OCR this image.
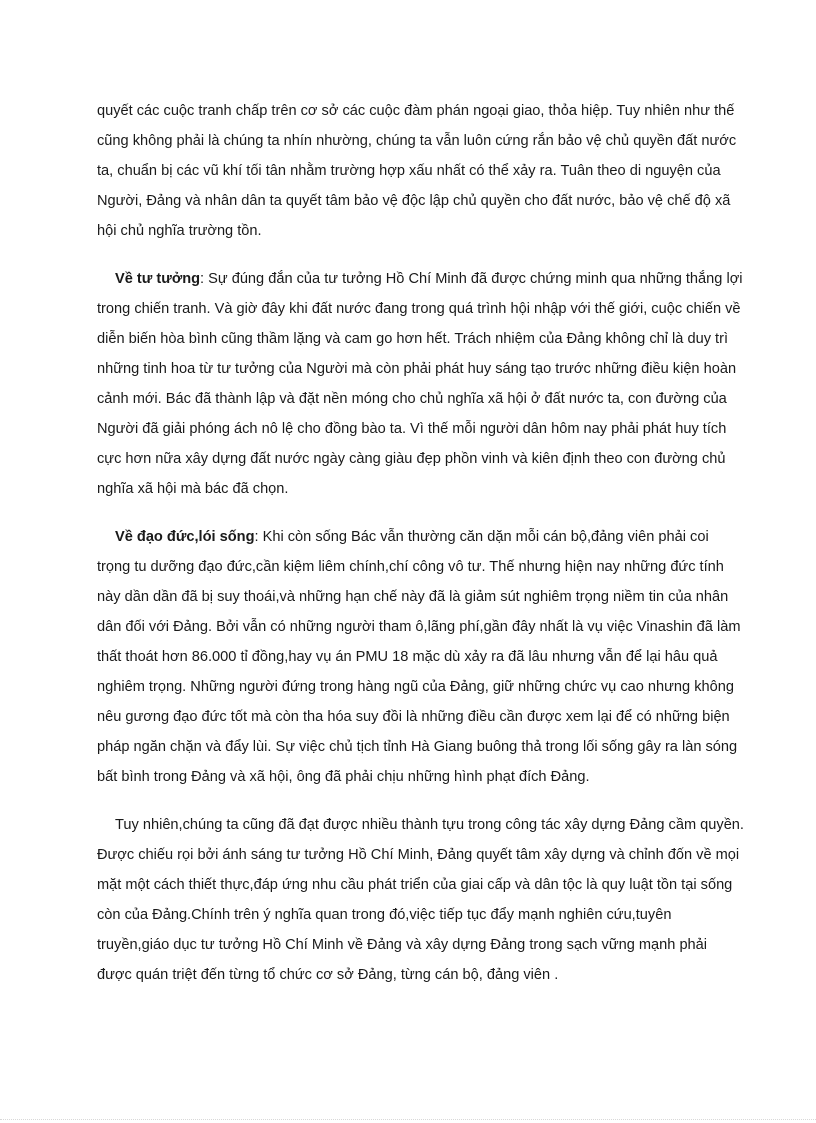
quyết các cuộc tranh chấp trên cơ sở các cuộc đàm phán ngoại giao, thỏa hiệp. Tuy nhiên như thế cũng không phải là chúng ta nhín nhường, chúng ta vẫn luôn cứng rắn bảo vệ chủ quyền đất nước ta, chuẩn bị các vũ khí tối tân nhằm trường hợp xấu nhất có thể xảy ra. Tuân theo di nguyện của Người, Đảng và nhân dân ta quyết tâm bảo vệ độc lập chủ quyền cho đất nước, bảo vệ chế độ xã hội chủ nghĩa trường tồn.

Về tư tưởng: Sự đúng đắn của tư tưởng Hồ Chí Minh đã được chứng minh qua những thắng lợi trong chiến tranh. Và giờ đây khi đất nước đang trong quá trình hội nhập với thế giới, cuộc chiến về diễn biến hòa bình cũng thầm lặng và cam go hơn hết. Trách nhiệm của Đảng không chỉ là duy trì những tinh hoa từ tư tưởng của Người mà còn phải phát huy sáng tạo trước những điều kiện hoàn cảnh mới. Bác đã thành lập và đặt nền móng cho chủ nghĩa xã hội ở đất nước ta, con đường của Người đã giải phóng ách nô lệ cho đồng bào ta. Vì thế mỗi người dân hôm nay phải phát huy tích cực hơn nữa xây dựng đất nước ngày càng giàu đẹp phồn vinh và kiên định theo con đường chủ nghĩa xã hội mà bác đã chọn.

Về đạo đức,lói sống: Khi còn sống Bác vẫn thường căn dặn mỗi cán bộ,đảng viên phải coi trọng tu dưỡng đạo đức,cần kiệm liêm chính,chí công vô tư. Thế nhưng hiện nay những đức tính này dần dần đã bị suy thoái,và những hạn chế này đã là giảm sút nghiêm trọng niềm tin của nhân dân đối với Đảng. Bởi vẫn có những người tham ô,lãng phí,gần đây nhất là vụ việc Vinashin đã làm thất thoát hơn 86.000 tỉ đồng,hay vụ án PMU 18 mặc dù xảy ra đã lâu nhưng vẫn để lại hâu quả nghiêm trọng. Những người đứng trong hàng ngũ của Đảng, giữ những chức vụ cao nhưng không nêu gương đạo đức tốt mà còn tha hóa suy đồi là những điều cần được xem lại để có những biện pháp ngăn chặn và đẩy lùi. Sự việc chủ tịch tỉnh Hà Giang buông thả trong lối sống gây ra làn sóng bất bình trong Đảng và xã hội, ông đã phải chịu những hình phạt đích Đảng.

Tuy nhiên,chúng ta cũng đã đạt được nhiều thành tựu trong công tác xây dựng Đảng cầm quyền. Được chiếu rọi bởi ánh sáng tư tưởng Hồ Chí Minh, Đảng quyết tâm xây dựng và chỉnh đốn về mọi mặt một cách thiết thực,đáp ứng nhu cầu phát triển của giai cấp và dân tộc là quy luật tồn tại sống còn của Đảng.Chính trên ý nghĩa quan trong đó,việc tiếp tục đẩy mạnh nghiên cứu,tuyên truyền,giáo dục tư tưởng Hồ Chí Minh về Đảng và xây dựng Đảng trong sạch vững mạnh phải được quán triệt đến từng tổ chức cơ sở Đảng, từng cán bộ, đảng viên .
